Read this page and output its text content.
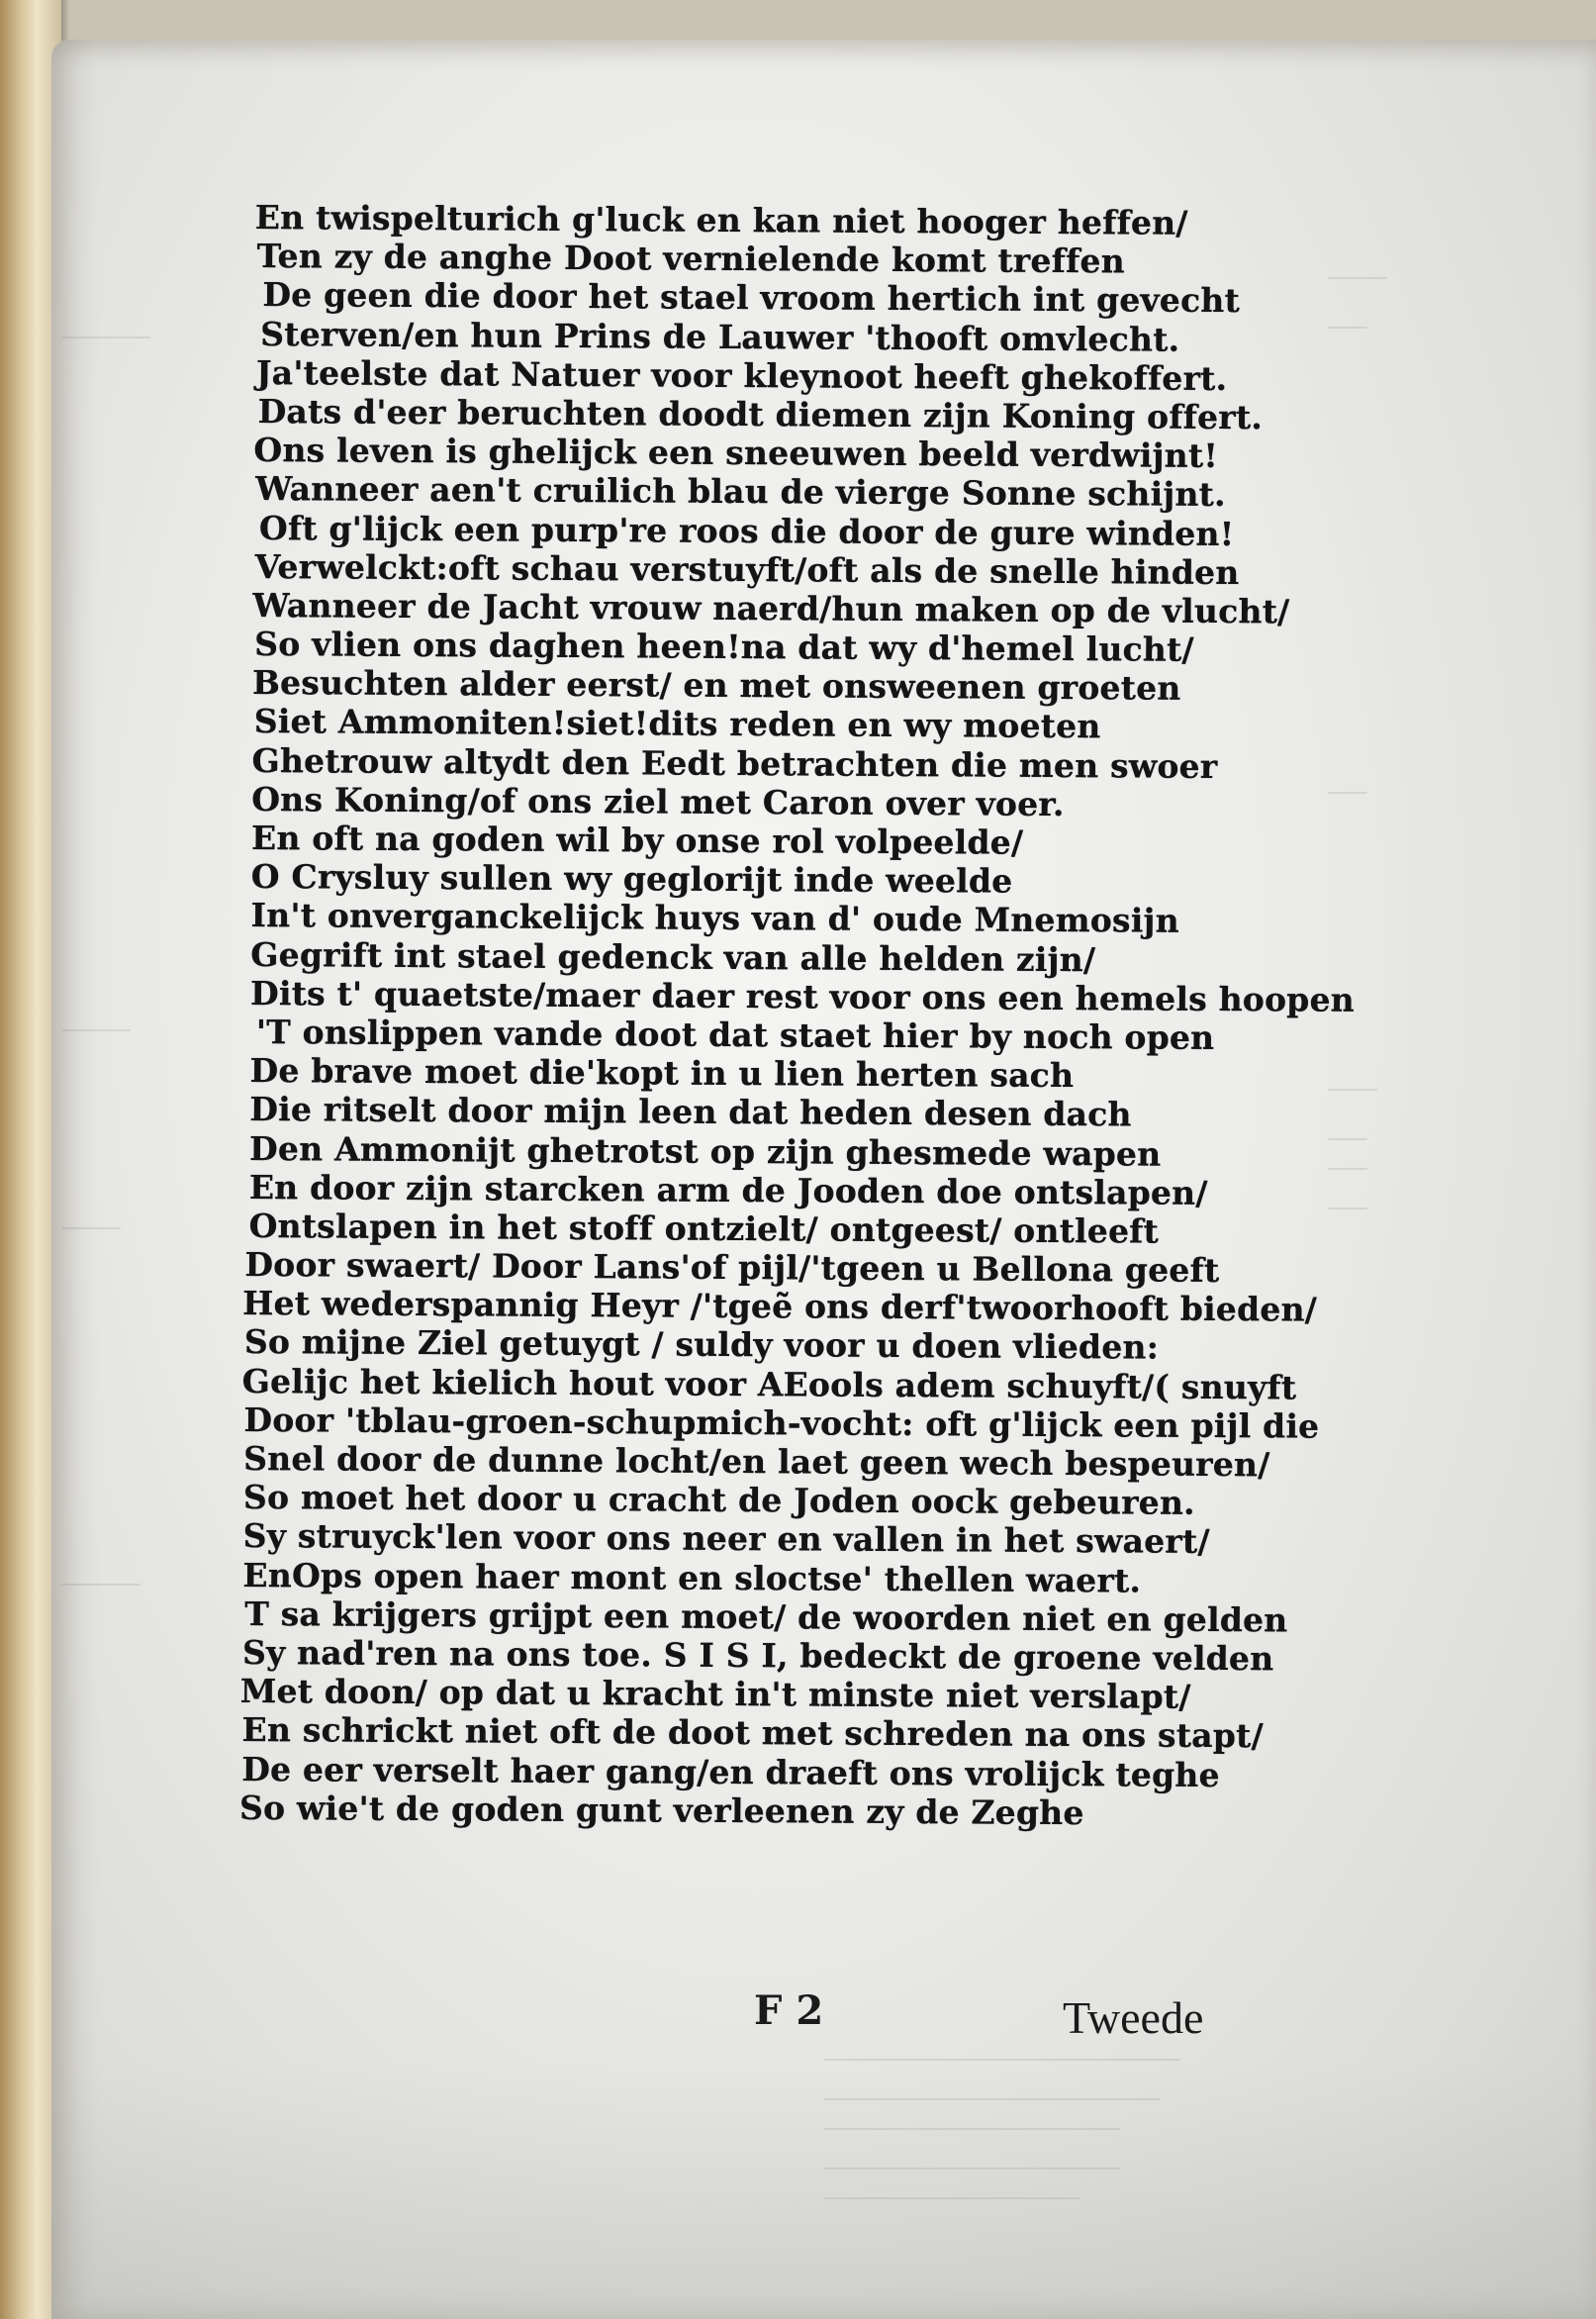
En twispelturich g'luck en kan niet hooger heffen/
Ten zy de anghe Doot vernielende komt treffen
De geen die door het stael vroom hertich int gevecht
Sterven/en hun Prins de Lauwer 'thooft omvlecht.
Ja'teelste dat Natuer voor kleynoot heeft ghekoffert.
Dats d'eer beruchten doodt diemen zijn Koning offert.
Ons leven is ghelijck een sneeuwen beeld verdwijnt!
Wanneer aen't cruilich blau de vierge Sonne schijnt.
Oft g'lijck een purp're roos die door de gure winden!
Verwelckt:oft schau verstuyft/oft als de snelle hinden
Wanneer de Jacht vrouw naerd/hun maken op de vlucht/
So vlien ons daghen heen!na dat wy d'hemel lucht/
Besuchten alder eerst/ en met onsweenen groeten
Siet Ammoniten!siet!dits reden en wy moeten
Ghetrouw altydt den Eedt betrachten die men swoer
Ons Koning/of ons ziel met Caron over voer.
En oft na goden wil by onse rol volpeelde/
O Crysluy sullen wy geglorijt inde weelde
In't onverganckelijck huys van d' oude Mnemosijn
Gegrift int stael gedenck van alle helden zijn/
Dits t' quaetste/maer daer rest voor ons een hemels hoopen
'T onslippen vande doot dat staet hier by noch open
De brave moet die'kopt in u lien herten sach
Die ritselt door mijn leen dat heden desen dach
Den Ammonijt ghetrotst op zijn ghesmede wapen
En door zijn starcken arm de Jooden doe ontslapen/
Ontslapen in het stoff ontzielt/ ontgeest/ ontleeft
Door swaert/ Door Lans'of pijl/'tgeen u Bellona geeft
Het wederspannig Heyr /'tgeẽ ons derf'twoorhooft bieden/
So mijne Ziel getuygt / suldy voor u doen vlieden:
Gelijc het kielich hout voor AEools adem schuyft/( snuyft
Door 'tblau-groen-schupmich-vocht: oft g'lijck een pijl die
Snel door de dunne locht/en laet geen wech bespeuren/
So moet het door u cracht de Joden oock gebeuren.
Sy struyck'len voor ons neer en vallen in het swaert/
EnOps open haer mont en sloctse' thellen waert.
T sa krijgers grijpt een moet/ de woorden niet en gelden
Sy nad'ren na ons toe. S I S I, bedeckt de groene velden
Met doon/ op dat u kracht in't minste niet verslapt/
En schrickt niet oft de doot met schreden na ons stapt/
De eer verselt haer gang/en draeft ons vrolijck teghe
So wie't de goden gunt verleenen zy de Zeghe
F 2	Tweede
